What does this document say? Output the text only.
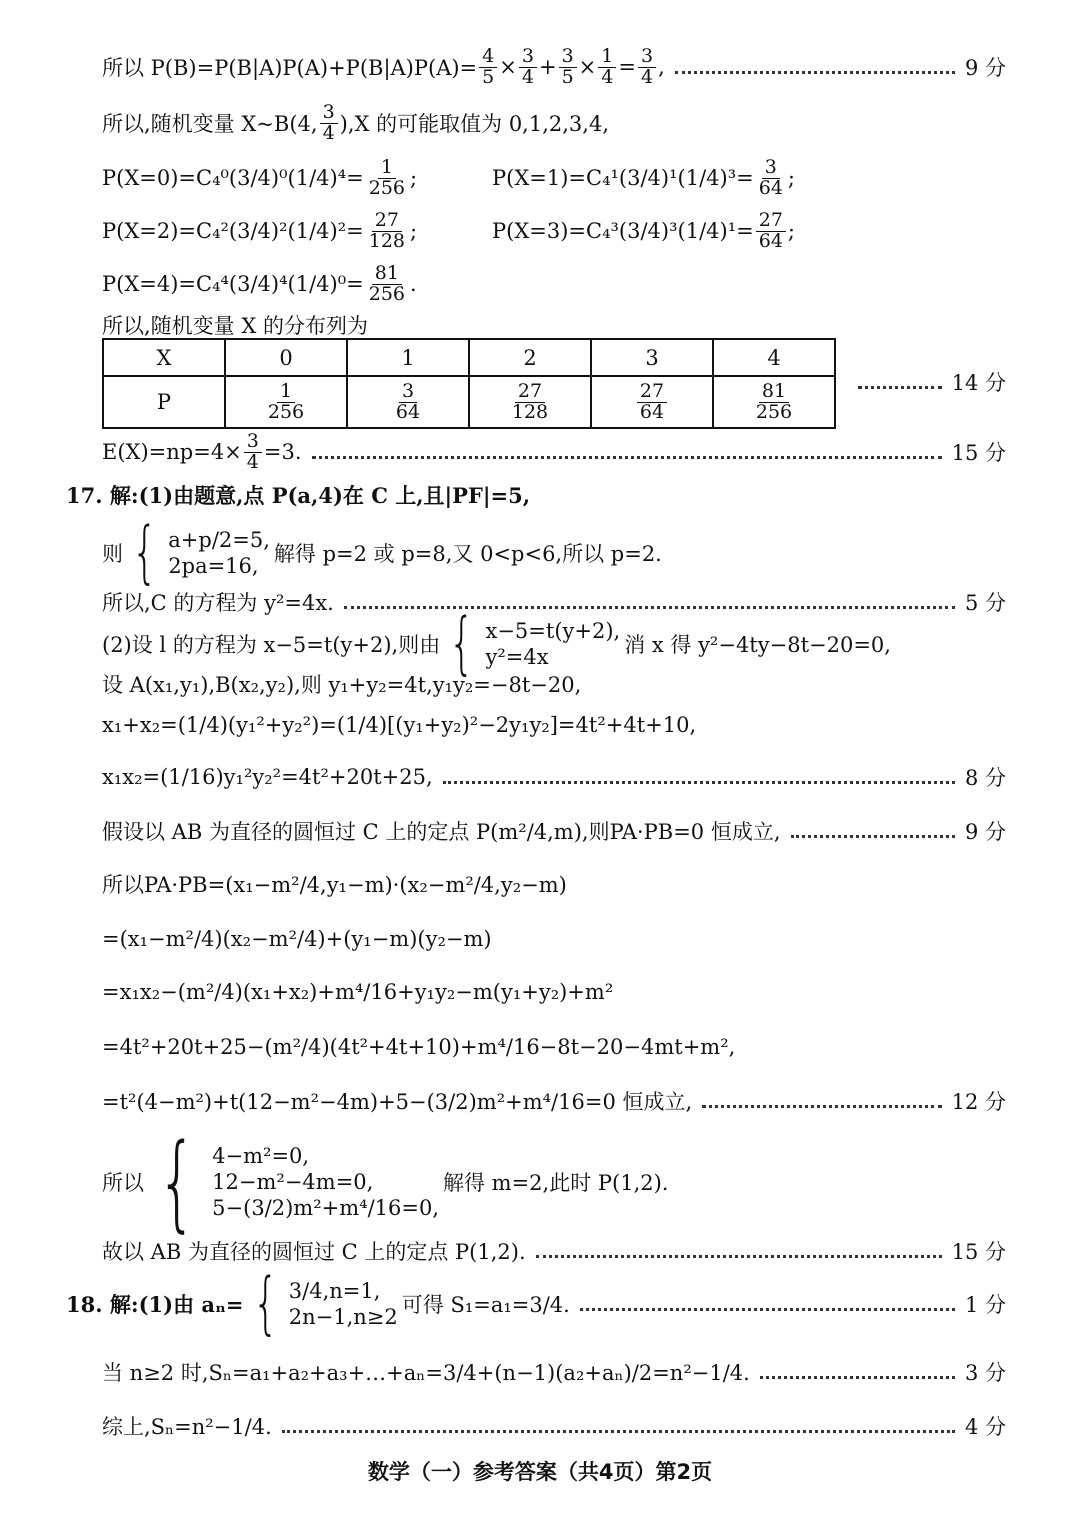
所以 $P(B)=P(B|A)P(A)+P(B|A)P(A)= \frac{4}{5} \times 3$
$4 + \frac{3}{5} \times \frac{1}{4} = \frac{3}{4}$ ,	9 分
所以,随机变量 X~B(4,
3
4 ),X 的可能取值为 0,1,2,3,4,
$P(X=0)=C_4^0(3/4)^0(1/4)^4= \frac{1}{256}$ ;	$P(X=1)=C_4^1(3/4)^1(1/4)^3= \frac{3}{64}$ ;
$P(X=2)=C_4^2(3/4)^2(1/4)^2= \frac{27}{128}$ ;	$P(X=3)=C_4^3(3/4)^3(1/4)^1= \frac{27}{64}$ ;
$P(X=4)=C_4^4(3/4)^4(1/4)^0= \frac{81}{256}$ .
所以,随机变量 X 的分布列为
X	0	1	2	3	4
P	$\frac{1}{256}$	$\frac{3}{64}$	$\frac{27}{128}$	$\frac{27}{64}$	$\frac{81}{256}$	14 分
$E(X)=np=4\times \frac{3}{4} =3$.	15 分
17. 解:(1)由题意,点 P(a,4)在 C 上,且|PF|=5,
则 { a+p/2=5,
2pa=16, 解得 p=2 或 p=8,又 0<p<6,所以 p=2.
所以,C 的方程为 y²=4x.	5 分
(2)设 l 的方程为 x−5=t(y+2),则由 { x−5=t(y+2),
y²=4x	消 x 得 y²−4ty−8t−20=0,
设 A(x₁,y₁),B(x₂,y₂),则 y₁+y₂=4t,y₁y₂=−8t−20,
x₁+x₂=(1/4)(y₁²+y₂²)=(1/4)[(y₁+y₂)²−2y₁y₂]=4t²+4t+10,
x₁x₂=(1/16)y₁²y₂²=4t²+20t+25,	8 分
假设以 AB 为直径的圆恒过 C 上的定点 P(m²/4,m),则PA·PB=0 恒成立,	9 分
所以PA·PB=(x₁−m²/4,y₁−m)·(x₂−m²/4,y₂−m)
=(x₁−m²/4)(x₂−m²/4)+(y₁−m)(y₂−m)
=x₁x₂−(m²/4)(x₁+x₂)+m⁴/16+y₁y₂−m(y₁+y₂)+m²
=4t²+20t+25−(m²/4)(4t²+4t+10)+m⁴/16−8t−20−4mt+m²,
=t²(4−m²)+t(12−m²−4m)+5−(3/2)m²+m⁴/16=0 恒成立,	12 分
所以 { 4−m²=0,
12−m²−4m=0,
5−(3/2)m²+m⁴/16=0,
解得 m=2,此时 P(1,2).
故以 AB 为直径的圆恒过 C 上的定点 P(1,2).	15 分
18. 解:(1)由 aₙ= { 3/4,n=1,
2n−1,n≥2 可得 S₁=a₁=3/4.	1 分
当 n≥2 时,Sₙ=a₁+a₂+a₃+…+aₙ=3/4+(n−1)(a₂+aₙ)/2=n²−1/4.	3 分
综上,Sₙ=n²−1/4.	4 分
数学（一）参考答案（共4页）第2页
